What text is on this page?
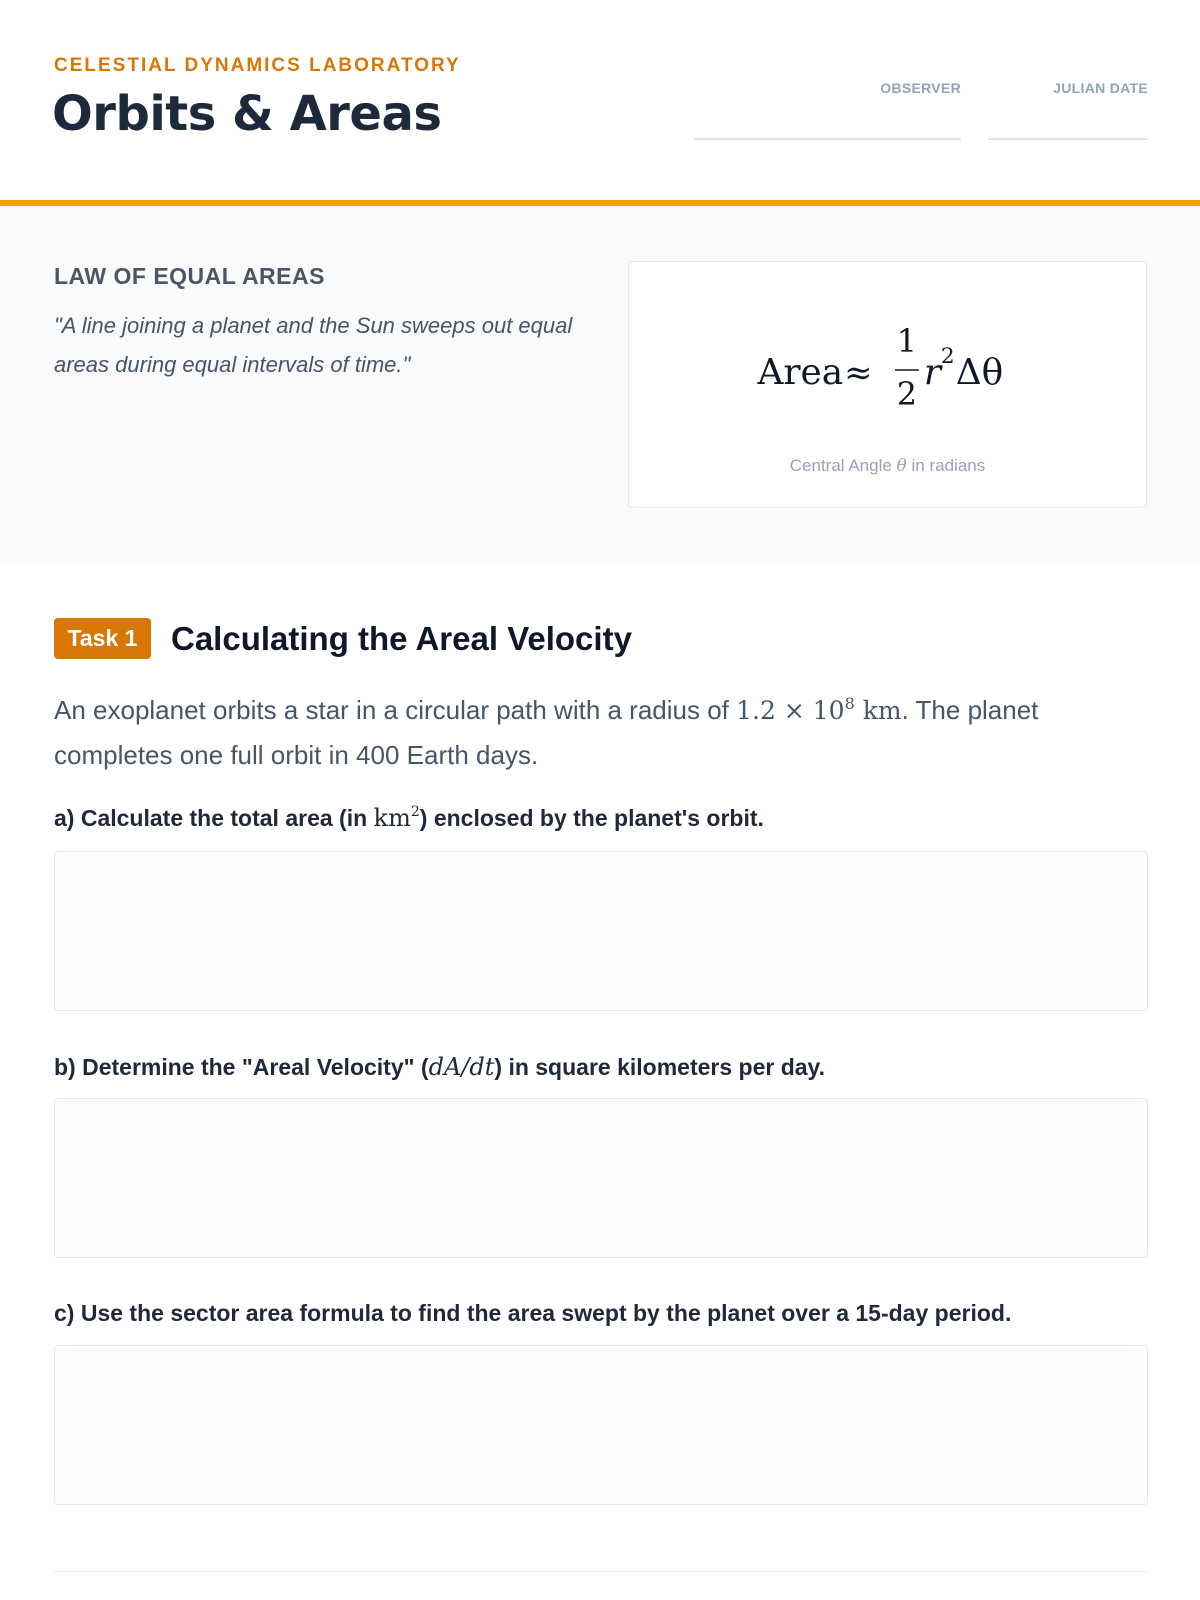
CELESTIAL DYNAMICS LABORATORY
Orbits & Areas	OBSERVER	JULIAN DATE
LAW OF EQUAL AREAS
"A line joining a planet and the Sun sweeps out equal areas during equal intervals of time."	Area ≈
1
2
r 2 Δθ
Central Angle θ in radians
Task 1	Calculating the Areal Velocity
An exoplanet orbits a star in a circular path with a radius of $1.2 \times 10^8$ km. The planet completes one full orbit in 400 Earth days.
a) Calculate the total area (in $km^2$) enclosed by the planet's orbit.
b) Determine the "Areal Velocity" (dA/dt) in square kilometers per day.
c) Use the sector area formula to find the area swept by the planet over a 15-day period.
